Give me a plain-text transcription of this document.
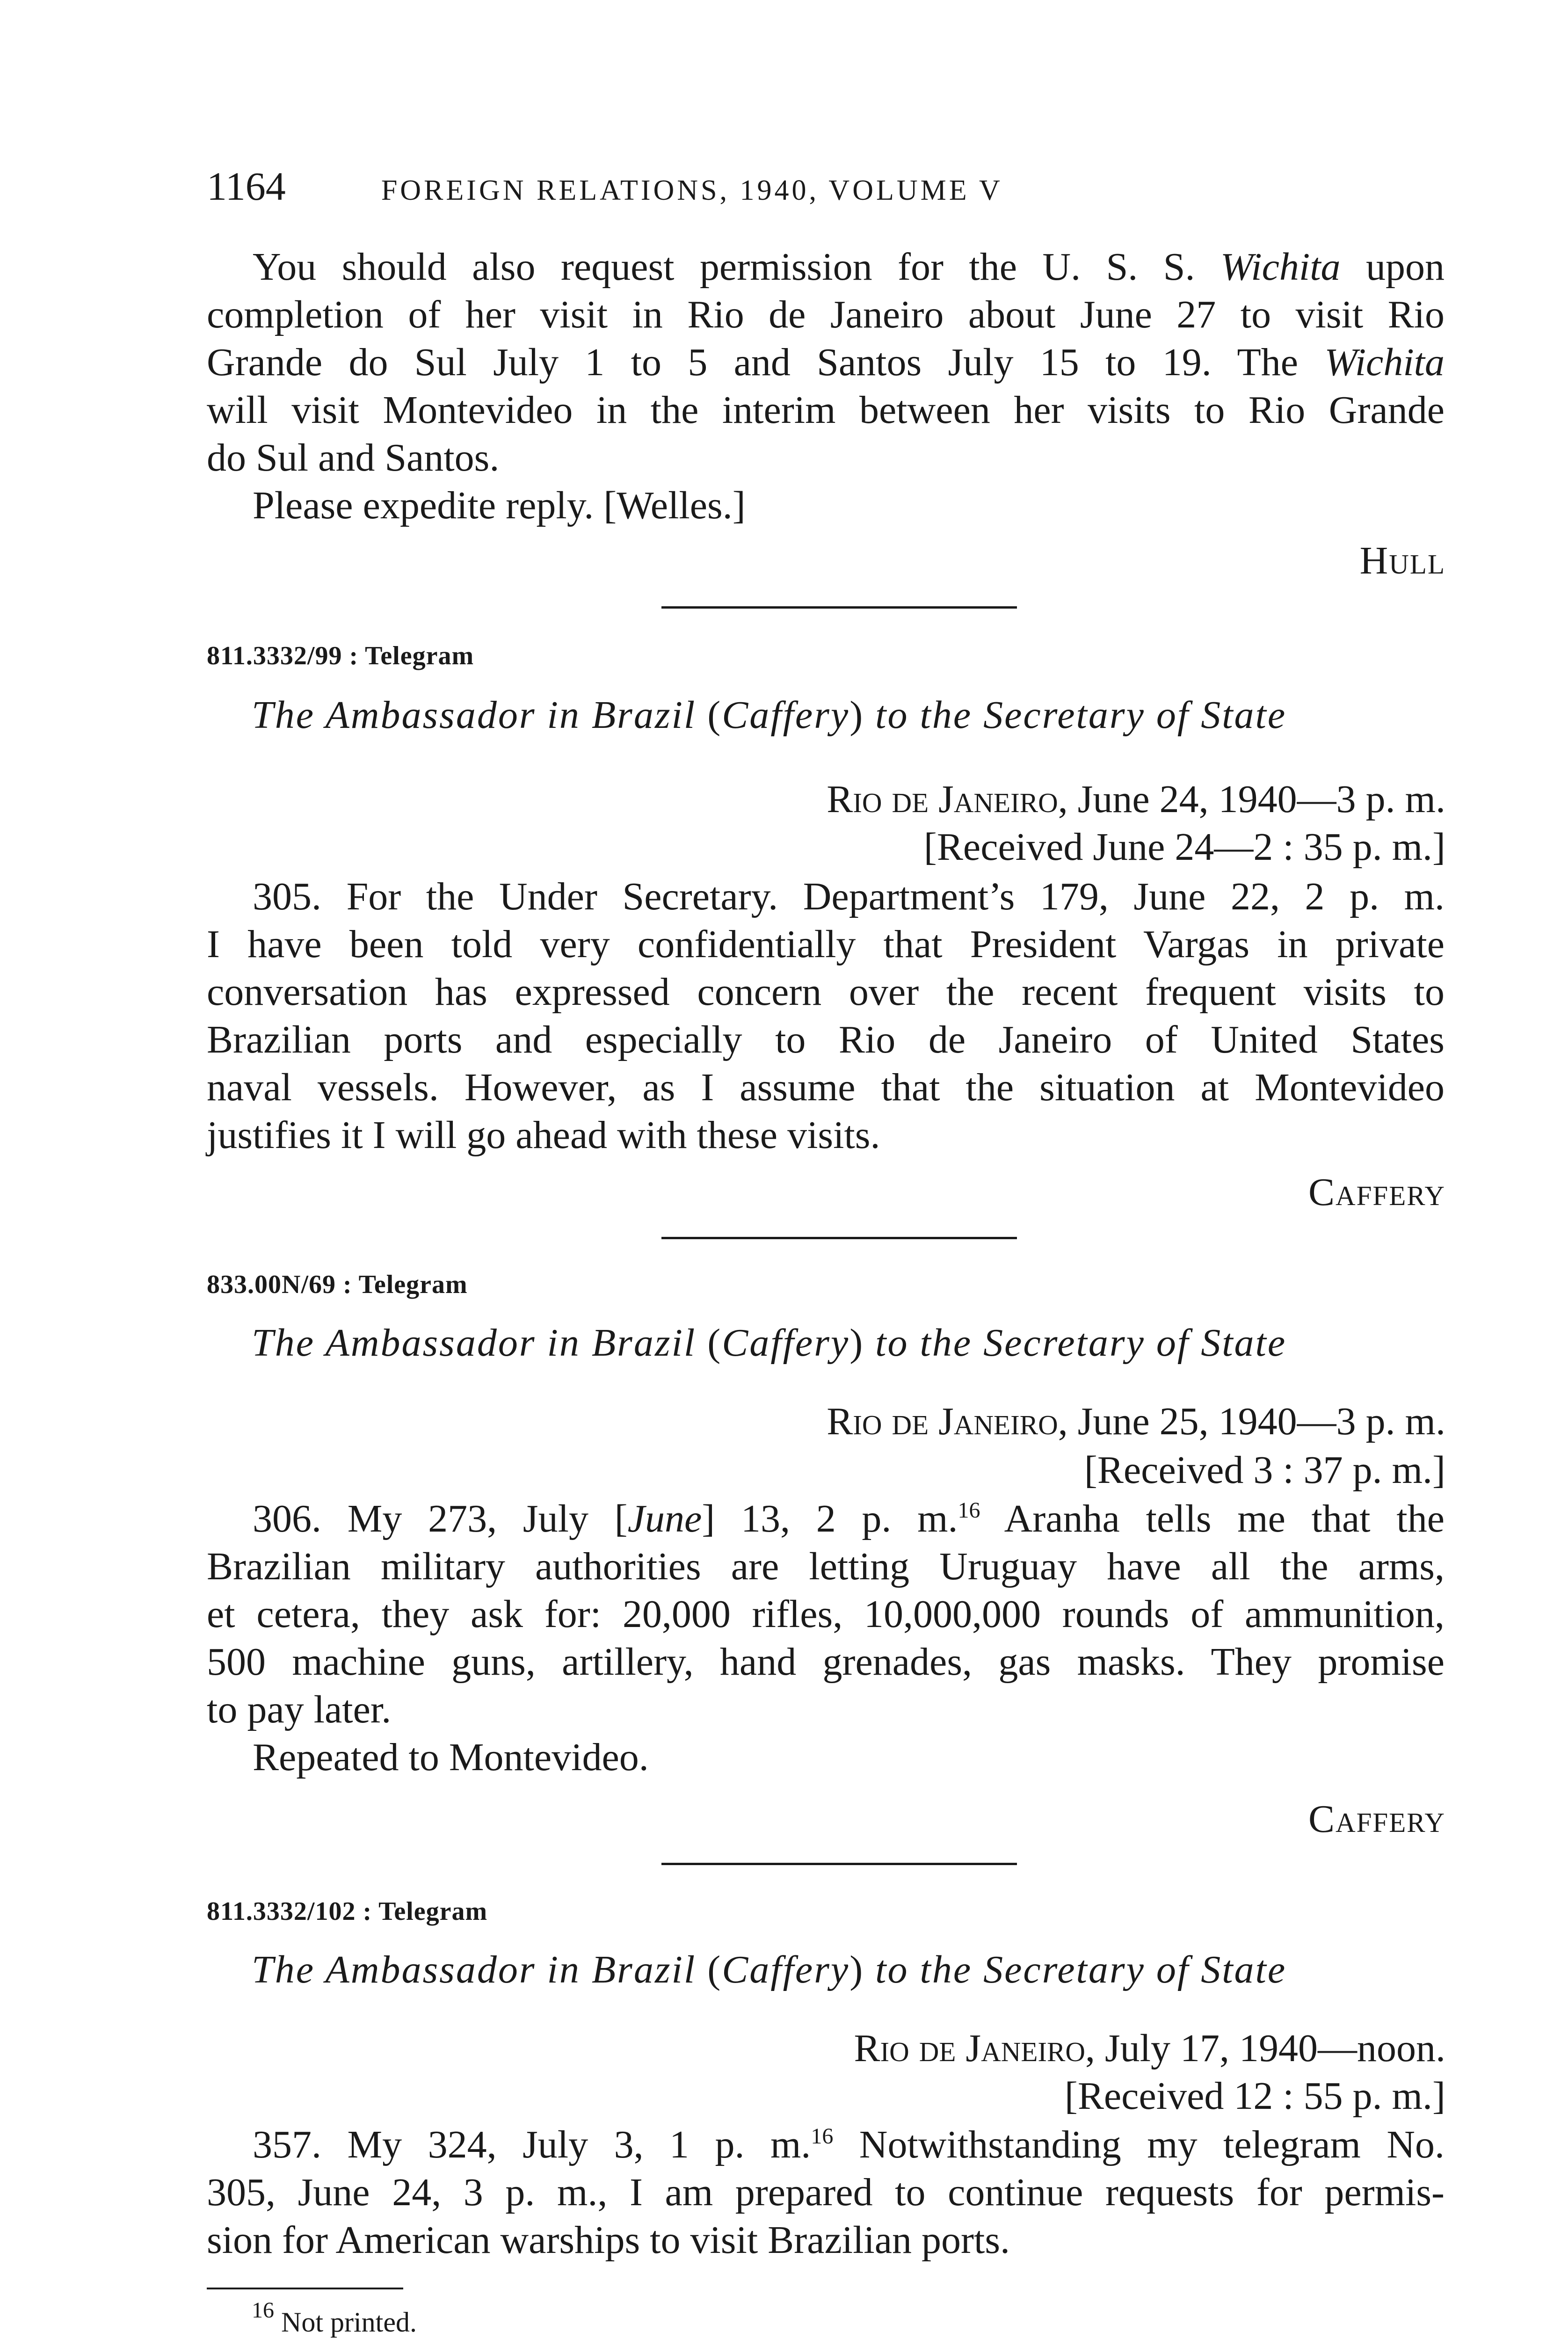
1164	FOREIGN RELATIONS, 1940, VOLUME V
You should also request permission for the U. S. S. Wichita upon
completion of her visit in Rio de Janeiro about June 27 to visit Rio
Grande do Sul July 1 to 5 and Santos July 15 to 19. The Wichita
will visit Montevideo in the interim between her visits to Rio Grande
do Sul and Santos.
Please expedite reply. [Welles.]
Hull
811.3332/99 : Telegram
The Ambassador in Brazil (Caffery) to the Secretary of State
Rio de Janeiro, June 24, 1940—3 p. m.
[Received June 24—2 : 35 p. m.]
305. For the Under Secretary. Department’s 179, June 22, 2 p. m.
I have been told very confidentially that President Vargas in private
conversation has expressed concern over the recent frequent visits to
Brazilian ports and especially to Rio de Janeiro of United States
naval vessels. However, as I assume that the situation at Montevideo
justifies it I will go ahead with these visits.
Caffery
833.00N/69 : Telegram
The Ambassador in Brazil (Caffery) to the Secretary of State
Rio de Janeiro, June 25, 1940—3 p. m.
[Received 3 : 37 p. m.]
306. My 273, July [June] 13, 2 p. m.$^{16}$ Aranha tells me that the
Brazilian military authorities are letting Uruguay have all the arms,
et cetera, they ask for: 20,000 rifles, 10,000,000 rounds of ammunition,
500 machine guns, artillery, hand grenades, gas masks. They promise
to pay later.
Repeated to Montevideo.
Caffery
811.3332/102 : Telegram
The Ambassador in Brazil (Caffery) to the Secretary of State
Rio de Janeiro, July 17, 1940—noon.
[Received 12 : 55 p. m.]
357. My 324, July 3, 1 p. m.$^{16}$ Notwithstanding my telegram No.
305, June 24, 3 p. m., I am prepared to continue requests for permis-
sion for American warships to visit Brazilian ports.
$^{16}$ Not printed.
